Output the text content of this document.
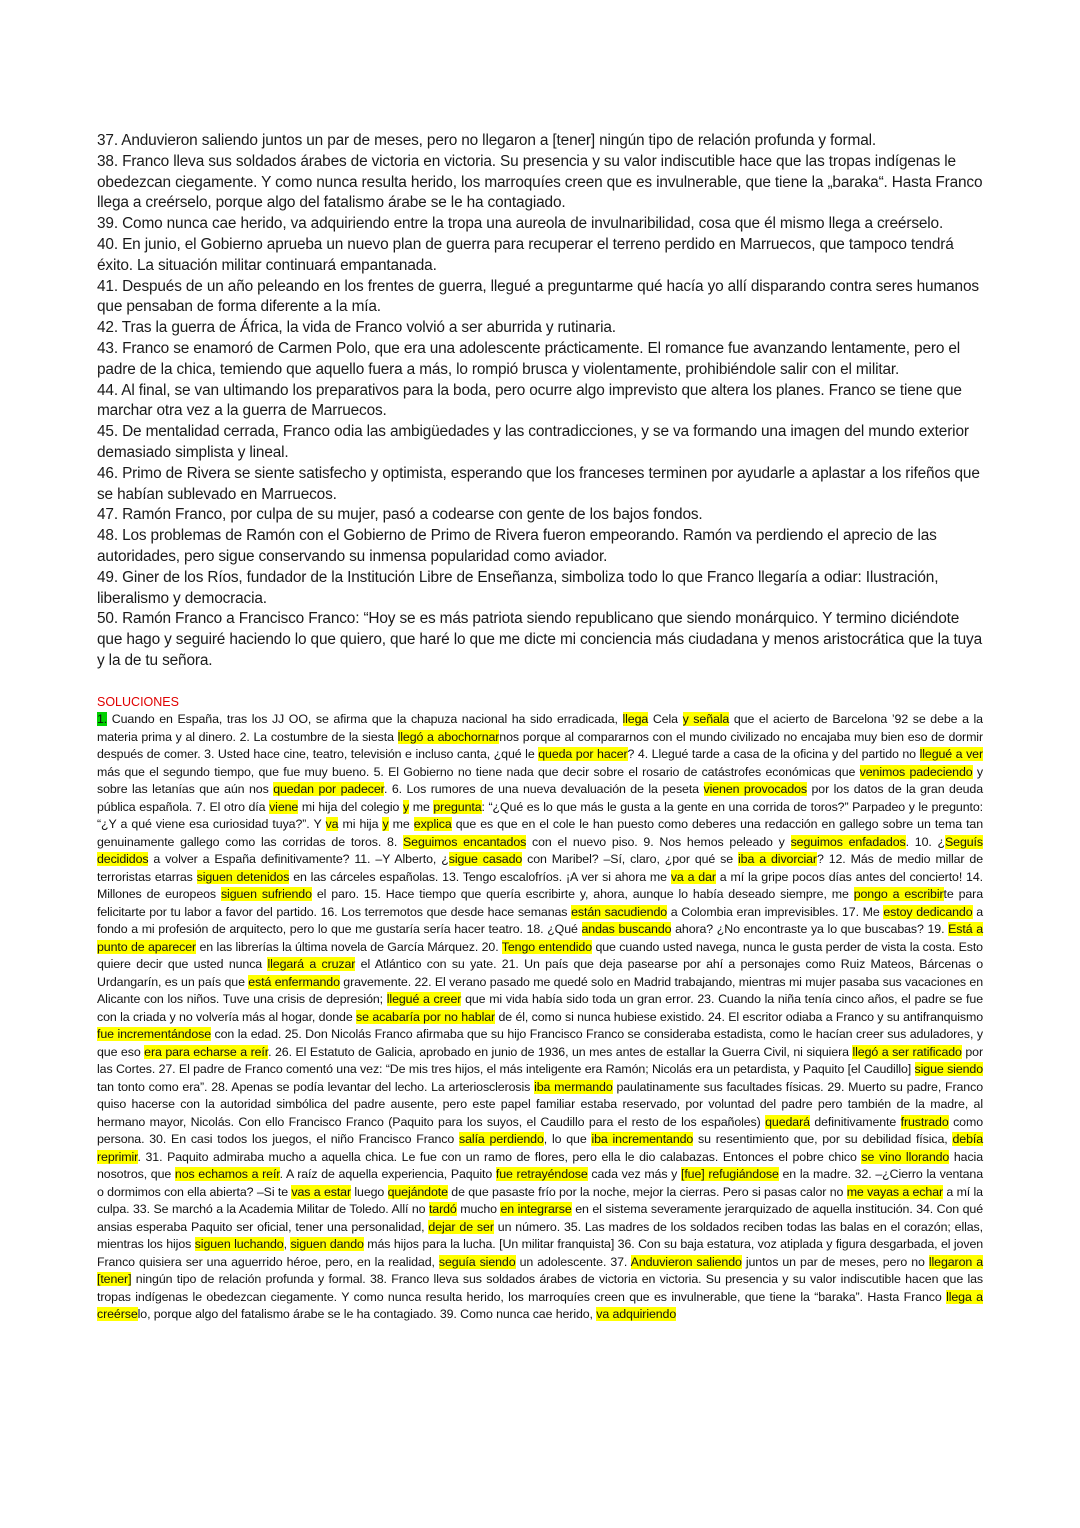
37. Anduvieron saliendo juntos un par de meses, pero no llegaron a [tener] ningún tipo de relación profunda y formal.

38. Franco lleva sus soldados árabes de victoria en victoria. Su presencia y su valor indiscutible hace que las tropas indígenas le obedezcan ciegamente. Y como nunca resulta herido, los marroquíes creen que es invulnerable, que tiene la „baraka“. Hasta Franco llega a creérselo, porque algo del fatalismo árabe se le ha contagiado.

39. Como nunca cae herido, va adquiriendo entre la tropa una aureola de invulnaribilidad, cosa que él mismo llega a creérselo.

40. En junio, el Gobierno aprueba un nuevo plan de guerra para recuperar el terreno perdido en Marruecos, que tampoco tendrá éxito. La situación militar continuará empantanada.

41. Después de un año peleando en los frentes de guerra, llegué a preguntarme qué hacía yo allí disparando contra seres humanos que pensaban de forma diferente a la mía.

42. Tras la guerra de África, la vida de Franco volvió a ser aburrida y rutinaria.

43. Franco se enamoró de Carmen Polo, que era una adolescente prácticamente. El romance fue avanzando lentamente, pero el padre de la chica, temiendo que aquello fuera a más, lo rompió brusca y violentamente, prohibiéndole salir con el militar.

44. Al final, se van ultimando los preparativos para la boda, pero ocurre algo imprevisto que altera los planes. Franco se tiene que marchar otra vez a la guerra de Marruecos.

45. De mentalidad cerrada, Franco odia las ambigüedades y las contradicciones, y se va formando una imagen del mundo exterior demasiado simplista y lineal.

46. Primo de Rivera se siente satisfecho y optimista, esperando que los franceses terminen por ayudarle a aplastar a los rifeños que se habían sublevado en Marruecos.

47. Ramón Franco, por culpa de su mujer, pasó a codearse con gente de los bajos fondos.

48. Los problemas de Ramón con el Gobierno de Primo de Rivera fueron empeorando. Ramón va perdiendo el aprecio de las autoridades, pero sigue conservando su inmensa popularidad como aviador.

49. Giner de los Ríos, fundador de la Institución Libre de Enseñanza, simboliza todo lo que Franco llegaría a odiar: Ilustración, liberalismo y democracia.

50. Ramón Franco a Francisco Franco: “Hoy se es más patriota siendo republicano que siendo monárquico. Y termino diciéndote que hago y seguiré haciendo lo que quiero, que haré lo que me dicte mi conciencia más ciudadana y menos aristocrática que la tuya y la de tu señora.

SOLUCIONES

1. Cuando en España, tras los JJ OO, se afirma que la chapuza nacional ha sido erradicada, llega Cela y señala que el acierto de Barcelona ’92 se debe a la materia prima y al dinero. 2. La costumbre de la siesta llegó a abochornarnos porque al compararnos con el mundo civilizado no encajaba muy bien eso de dormir después de comer. 3. Usted hace cine, teatro, televisión e incluso canta, ¿qué le queda por hacer? 4. Llegué tarde a casa de la oficina y del partido no llegué a ver más que el segundo tiempo, que fue muy bueno. 5. El Gobierno no tiene nada que decir sobre el rosario de catástrofes económicas que venimos padeciendo y sobre las letanías que aún nos quedan por padecer. 6. Los rumores de una nueva devaluación de la peseta vienen provocados por los datos de la gran deuda pública española. 7. El otro día viene mi hija del colegio y me pregunta: “¿Qué es lo que más le gusta a la gente en una corrida de toros?” Parpadeo y le pregunto: “¿Y a qué viene esa curiosidad tuya?”. Y va mi hija y me explica que es que en el cole le han puesto como deberes una redacción en gallego sobre un tema tan genuinamente gallego como las corridas de toros. 8. Seguimos encantados con el nuevo piso. 9. Nos hemos peleado y seguimos enfadados. 10. ¿Seguís decididos a volver a España definitivamente? 11. –Y Alberto, ¿sigue casado con Maribel? –Sí, claro, ¿por qué se iba a divorciar? 12. Más de medio millar de terroristas etarras siguen detenidos en las cárceles españolas. 13. Tengo escalofríos. ¡A ver si ahora me va a dar a mí la gripe pocos días antes del concierto! 14. Millones de europeos siguen sufriendo el paro. 15. Hace tiempo que quería escribirte y, ahora, aunque lo había deseado siempre, me pongo a escribirte para felicitarte por tu labor a favor del partido. 16. Los terremotos que desde hace semanas están sacudiendo a Colombia eran imprevisibles. 17. Me estoy dedicando a fondo a mi profesión de arquitecto, pero lo que me gustaría sería hacer teatro. 18. ¿Qué andas buscando ahora? ¿No encontraste ya lo que buscabas? 19. Está a punto de aparecer en las librerías la última novela de García Márquez. 20. Tengo entendido que cuando usted navega, nunca le gusta perder de vista la costa. Esto quiere decir que usted nunca llegará a cruzar el Atlántico con su yate. 21. Un país que deja pasearse por ahí a personajes como Ruiz Mateos, Bárcenas o Urdangarín, es un país que está enfermando gravemente. 22. El verano pasado me quedé solo en Madrid trabajando, mientras mi mujer pasaba sus vacaciones en Alicante con los niños. Tuve una crisis de depresión; llegué a creer que mi vida había sido toda un gran error. 23. Cuando la niña tenía cinco años, el padre se fue con la criada y no volvería más al hogar, donde se acabaría por no hablar de él, como si nunca hubiese existido. 24. El escritor odiaba a Franco y su antifranquismo fue incrementándose con la edad. 25. Don Nicolás Franco afirmaba que su hijo Francisco Franco se consideraba estadista, como le hacían creer sus aduladores, y que eso era para echarse a reír. 26. El Estatuto de Galicia, aprobado en junio de 1936, un mes antes de estallar la Guerra Civil, ni siquiera llegó a ser ratificado por las Cortes. 27. El padre de Franco comentó una vez: “De mis tres hijos, el más inteligente era Ramón; Nicolás era un petardista, y Paquito [el Caudillo] sigue siendo tan tonto como era”. 28. Apenas se podía levantar del lecho. La arteriosclerosis iba mermando paulatinamente sus facultades físicas. 29. Muerto su padre, Franco quiso hacerse con la autoridad simbólica del padre ausente, pero este papel familiar estaba reservado, por voluntad del padre pero también de la madre, al hermano mayor, Nicolás. Con ello Francisco Franco (Paquito para los suyos, el Caudillo para el resto de los españoles) quedará definitivamente frustrado como persona. 30. En casi todos los juegos, el niño Francisco Franco salía perdiendo, lo que iba incrementando su resentimiento que, por su debilidad física, debía reprimir. 31. Paquito admiraba mucho a aquella chica. Le fue con un ramo de flores, pero ella le dio calabazas. Entonces el pobre chico se vino llorando hacia nosotros, que nos echamos a reír. A raíz de aquella experiencia, Paquito fue retrayéndose cada vez más y [fue] refugiándose en la madre. 32. –¿Cierro la ventana o dormimos con ella abierta? –Si te vas a estar luego quejándote de que pasaste frío por la noche, mejor la cierras. Pero si pasas calor no me vayas a echar a mí la culpa. 33. Se marchó a la Academia Militar de Toledo. Allí no tardó mucho en integrarse en el sistema severamente jerarquizado de aquella institución. 34. Con qué ansias esperaba Paquito ser oficial, tener una personalidad, dejar de ser un número. 35. Las madres de los soldados reciben todas las balas en el corazón; ellas, mientras los hijos siguen luchando, siguen dando más hijos para la lucha. [Un militar franquista] 36. Con su baja estatura, voz atiplada y figura desgarbada, el joven Franco quisiera ser una aguerrido héroe, pero, en la realidad, seguía siendo un adolescente. 37. Anduvieron saliendo juntos un par de meses, pero no llegaron a [tener] ningún tipo de relación profunda y formal. 38. Franco lleva sus soldados árabes de victoria en victoria. Su presencia y su valor indiscutible hacen que las tropas indígenas le obedezcan ciegamente. Y como nunca resulta herido, los marroquíes creen que es invulnerable, que tiene la “baraka”. Hasta Franco llega a creérselo, porque algo del fatalismo árabe se le ha contagiado. 39. Como nunca cae herido, va adquiriendo
